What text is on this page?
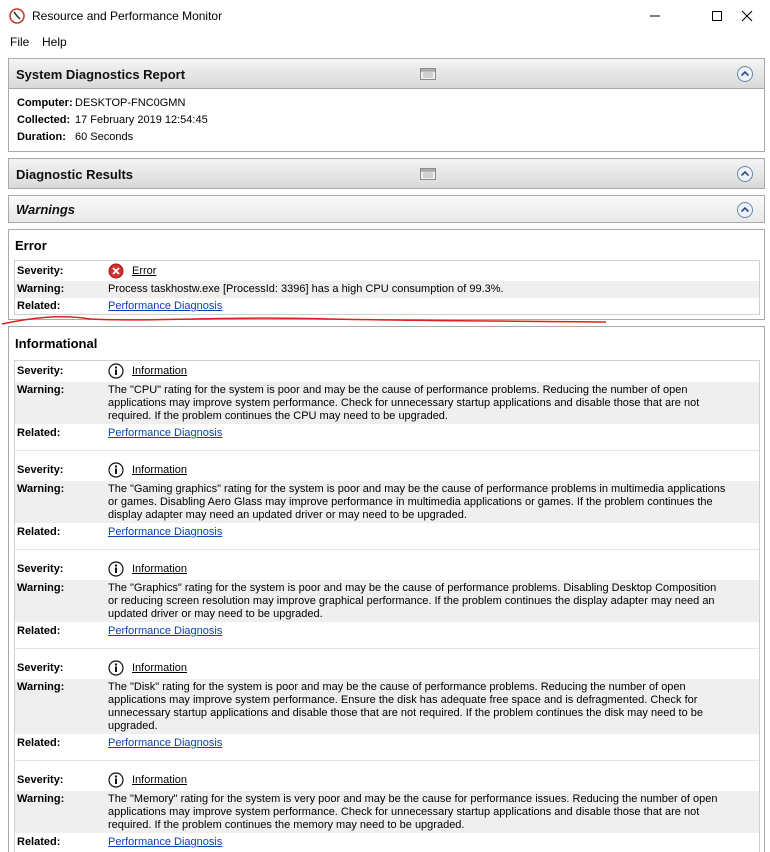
Resource and Performance Monitor
File Help
System Diagnostics Report
Computer: DESKTOP-FNC0GMN
Collected: 17 February 2019 12:54:45
Duration: 60 Seconds
Diagnostic Results
Warnings
Error
Severity:	Error
Warning:	Process taskhostw.exe [ProcessId: 3396] has a high CPU consumption of 99.3%.
Related:	Performance Diagnosis
Informational
Severity:	Information
Warning:	The "CPU" rating for the system is poor and may be the cause of performance problems. Reducing the number of open
applications may improve system performance. Check for unnecessary startup applications and disable those that are not
required. If the problem continues the CPU may need to be upgraded.
Related:	Performance Diagnosis
Severity:	Information
Warning:	The "Gaming graphics" rating for the system is poor and may be the cause of performance problems in multimedia applications
or games. Disabling Aero Glass may improve performance in multimedia applications or games. If the problem continues the
display adapter may need an updated driver or may need to be upgraded.
Related:	Performance Diagnosis
Severity:	Information
Warning:	The "Graphics" rating for the system is poor and may be the cause of performance problems. Disabling Desktop Composition
or reducing screen resolution may improve graphical performance. If the problem continues the display adapter may need an
updated driver or may need to be upgraded.
Related:	Performance Diagnosis
Severity:	Information
Warning:	The "Disk" rating for the system is poor and may be the cause of performance problems. Reducing the number of open
applications may improve system performance. Ensure the disk has adequate free space and is defragmented. Check for
unnecessary startup applications and disable those that are not required. If the problem continues the disk may need to be
upgraded.
Related:	Performance Diagnosis
Severity:	Information
Warning:	The "Memory" rating for the system is very poor and may be the cause for performance issues. Reducing the number of open
applications may improve system performance. Check for unnecessary startup applications and disable those that are not
required. If the problem continues the memory may need to be upgraded.
Related:	Performance Diagnosis
